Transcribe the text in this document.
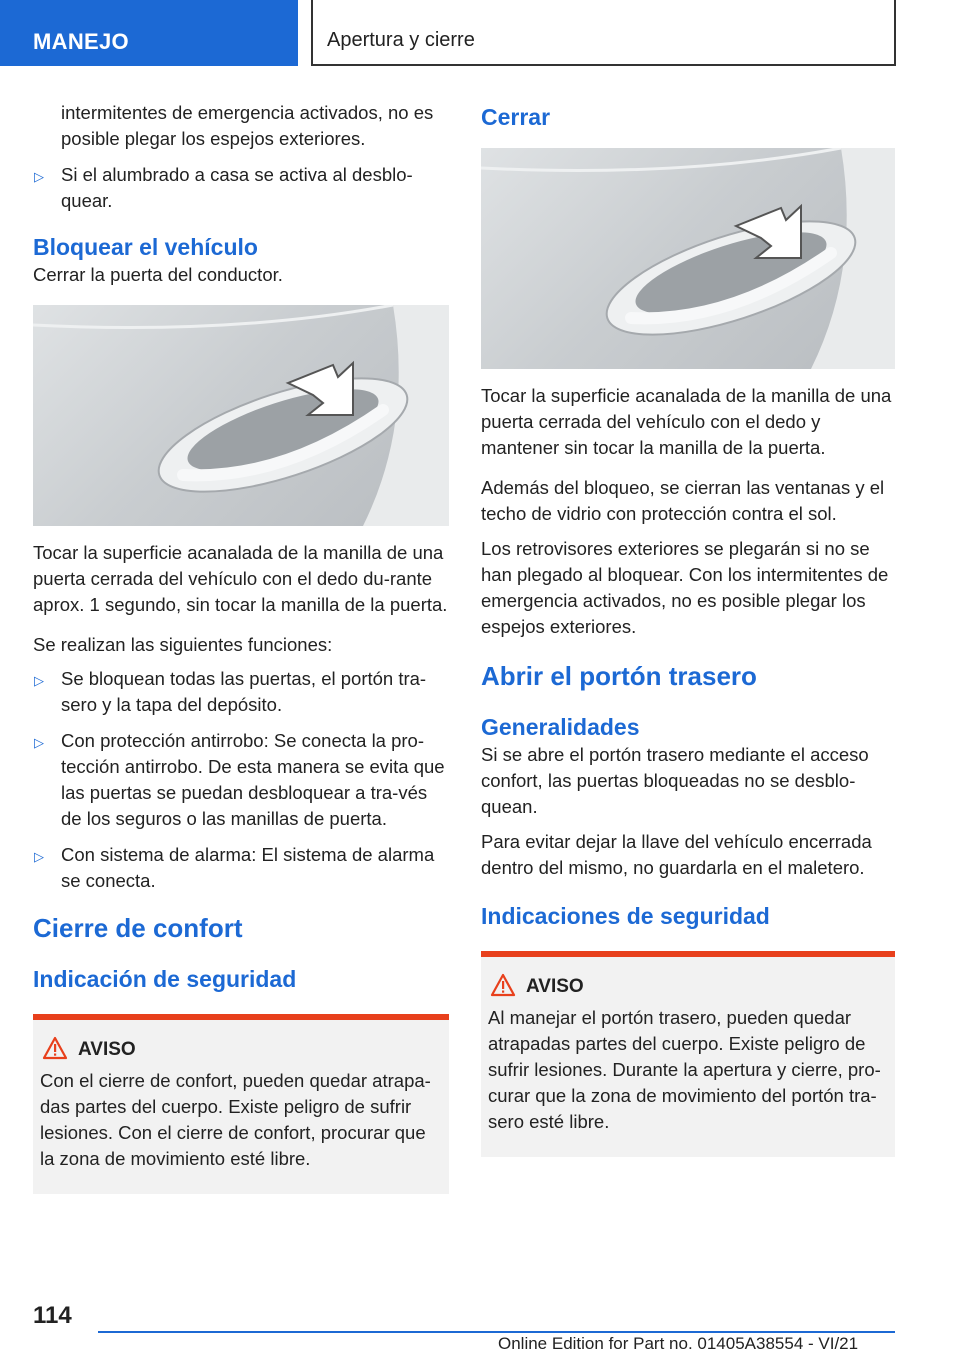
MANEJO	Apertura y cierre
intermitentes de emergencia activados, no es posible plegar los espejos exteriores.
▷ Si el alumbrado a casa se activa al desblo-quear.
Bloquear el vehículo

Cerrar la puerta del conductor.

Tocar la superficie acanalada de la manilla de una puerta cerrada del vehículo con el dedo du-rante aprox. 1 segundo, sin tocar la manilla de la puerta.

Se realizan las siguientes funciones:

▷ Se bloquean todas las puertas, el portón tra-sero y la tapa del depósito.
▷ Con protección antirrobo: Se conecta la pro-tección antirrobo. De esta manera se evita que las puertas se puedan desbloquear a tra-vés de los seguros o las manillas de puerta.
▷ Con sistema de alarma: El sistema de alarma se conecta.
Cierre de confort
Indicación de seguridad
AVISO

Con el cierre de confort, pueden quedar atrapa-das partes del cuerpo. Existe peligro de sufrir lesiones. Con el cierre de confort, procurar que la zona de movimiento esté libre.

Cerrar

Tocar la superficie acanalada de la manilla de una puerta cerrada del vehículo con el dedo y mantener sin tocar la manilla de la puerta.

Además del bloqueo, se cierran las ventanas y el techo de vidrio con protección contra el sol.

Los retrovisores exteriores se plegarán si no se han plegado al bloquear. Con los intermitentes de emergencia activados, no es posible plegar los espejos exteriores.

Abrir el portón trasero
Generalidades

Si se abre el portón trasero mediante el acceso confort, las puertas bloqueadas no se desblo-quean.

Para evitar dejar la llave del vehículo encerrada dentro del mismo, no guardarla en el maletero.

Indicaciones de seguridad
AVISO

Al manejar el portón trasero, pueden quedar atrapadas partes del cuerpo. Existe peligro de sufrir lesiones. Durante la apertura y cierre, pro-curar que la zona de movimiento del portón tra-sero esté libre.

114
Online Edition for Part no. 01405A38554 - VI/21
